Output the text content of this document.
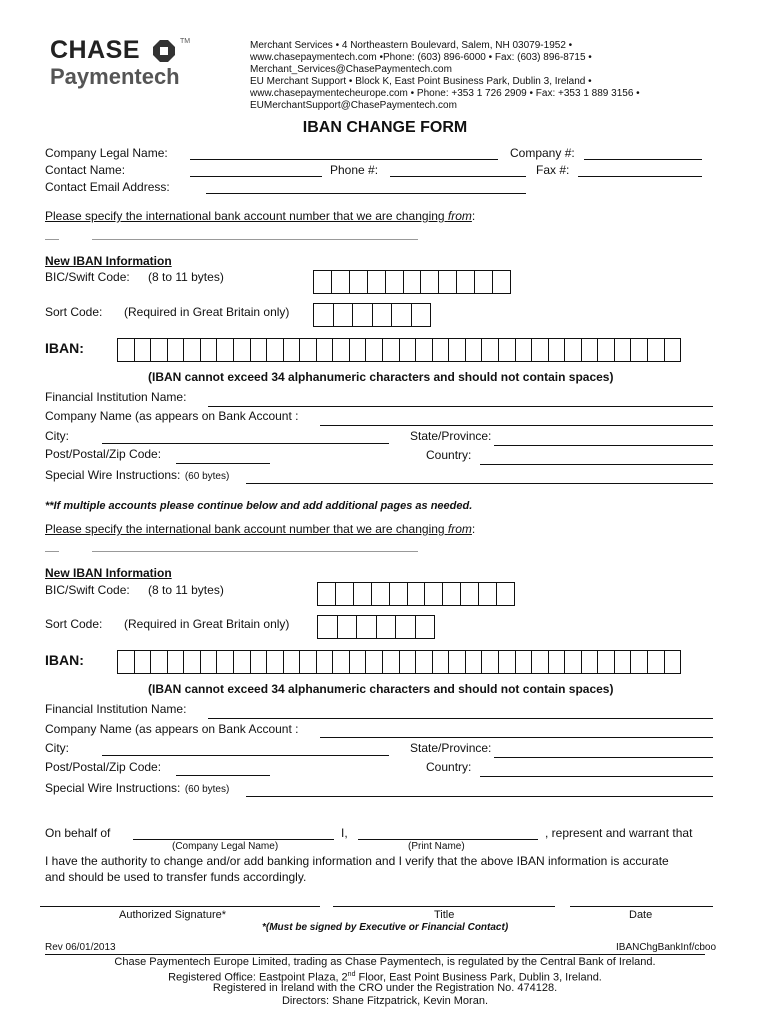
CHASE	TM
Paymentech
Merchant Services • 4 Northeastern Boulevard, Salem, NH 03079-1952 •
www.chasepaymentech.com •Phone: (603) 896-6000 • Fax: (603) 896-8715 •
Merchant_Services@ChasePaymentech.com
EU Merchant Support • Block K, East Point Business Park, Dublin 3, Ireland •
www.chasepaymentecheurope.com • Phone: +353 1 726 2909 • Fax: +353 1 889 3156 •
EUMerchantSupport@ChasePaymentech.com
IBAN CHANGE FORM
Company Legal Name:	Company #:
Contact Name:	Phone #:	Fax #:
Contact Email Address:
Please specify the international bank account number that we are changing from:
New IBAN Information
BIC/Swift Code: (8 to 11 bytes)
Sort Code: (Required in Great Britain only)
IBAN:
(IBAN cannot exceed 34 alphanumeric characters and should not contain spaces)
Financial Institution Name:
Company Name (as appears on Bank Account :
City:	State/Province:
Post/Postal/Zip Code:	Country:
Special Wire Instructions: (60 bytes)
**If multiple accounts please continue below and add additional pages as needed.
Please specify the international bank account number that we are changing from:
New IBAN Information
BIC/Swift Code: (8 to 11 bytes)
Sort Code: (Required in Great Britain only)
IBAN:
(IBAN cannot exceed 34 alphanumeric characters and should not contain spaces)
Financial Institution Name:
Company Name (as appears on Bank Account :
City:	State/Province:
Post/Postal/Zip Code:	Country:
Special Wire Instructions: (60 bytes)
On behalf of
(Company Legal Name)
I,
(Print Name)
, represent and warrant that
I have the authority to change and/or add banking information and I verify that the above IBAN information is accurate
and should be used to transfer funds accordingly.
Authorized Signature*	Title	Date
*(Must be signed by Executive or Financial Contact)
Rev 06/01/2013	IBANChgBankInf/cboo
Chase Paymentech Europe Limited, trading as Chase Paymentech, is regulated by the Central Bank of Ireland.
Registered Office: Eastpoint Plaza, 2nd Floor, East Point Business Park, Dublin 3, Ireland.
Registered in Ireland with the CRO under the Registration No. 474128.
Directors: Shane Fitzpatrick, Kevin Moran.
